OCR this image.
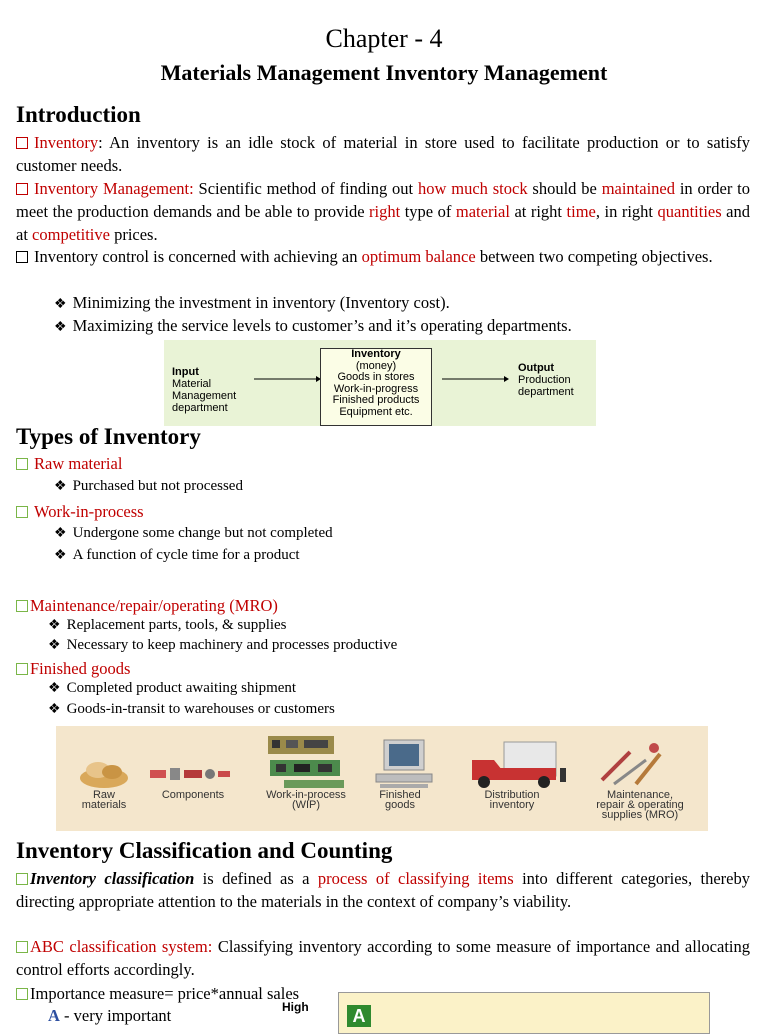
Chapter - 4
Materials Management Inventory Management
Introduction
Inventory: An inventory is an idle stock of material in store used to facilitate production or to satisfy customer needs.
Inventory Management: Scientific method of finding out how much stock should be maintained in order to meet the production demands and be able to provide right type of material at right time, in right quantities and at competitive prices.
Inventory control is concerned with achieving an optimum balance between two competing objectives.
❖ Minimizing the investment in inventory (Inventory cost).
❖ Maximizing the service levels to customer’s and it’s operating departments.
Input
Material
Management
department
Inventory
(money)
Goods in stores
Work-in-progress
Finished products
Equipment etc.
Output
Production
department
Types of Inventory
Raw material
❖ Purchased but not processed
Work-in-process
❖ Undergone some change but not completed
❖ A function of cycle time for a product
Maintenance/repair/operating (MRO)
❖ Replacement parts, tools, & supplies
❖ Necessary to keep machinery and processes productive
Finished goods
❖ Completed product awaiting shipment
❖ Goods-in-transit to warehouses or customers
Raw
materials
Components	Work-in-process
(WIP)
Finished
goods
Distribution
inventory
Maintenance,
repair & operating
supplies (MRO)
Inventory Classification and Counting
Inventory classification is defined as a process of classifying items into different categories, thereby directing appropriate attention to the materials in the context of company’s viability.
ABC classification system: Classifying inventory according to some measure of importance and allocating control efforts accordingly.
Importance measure= price*annual sales
A - very important	High	A
